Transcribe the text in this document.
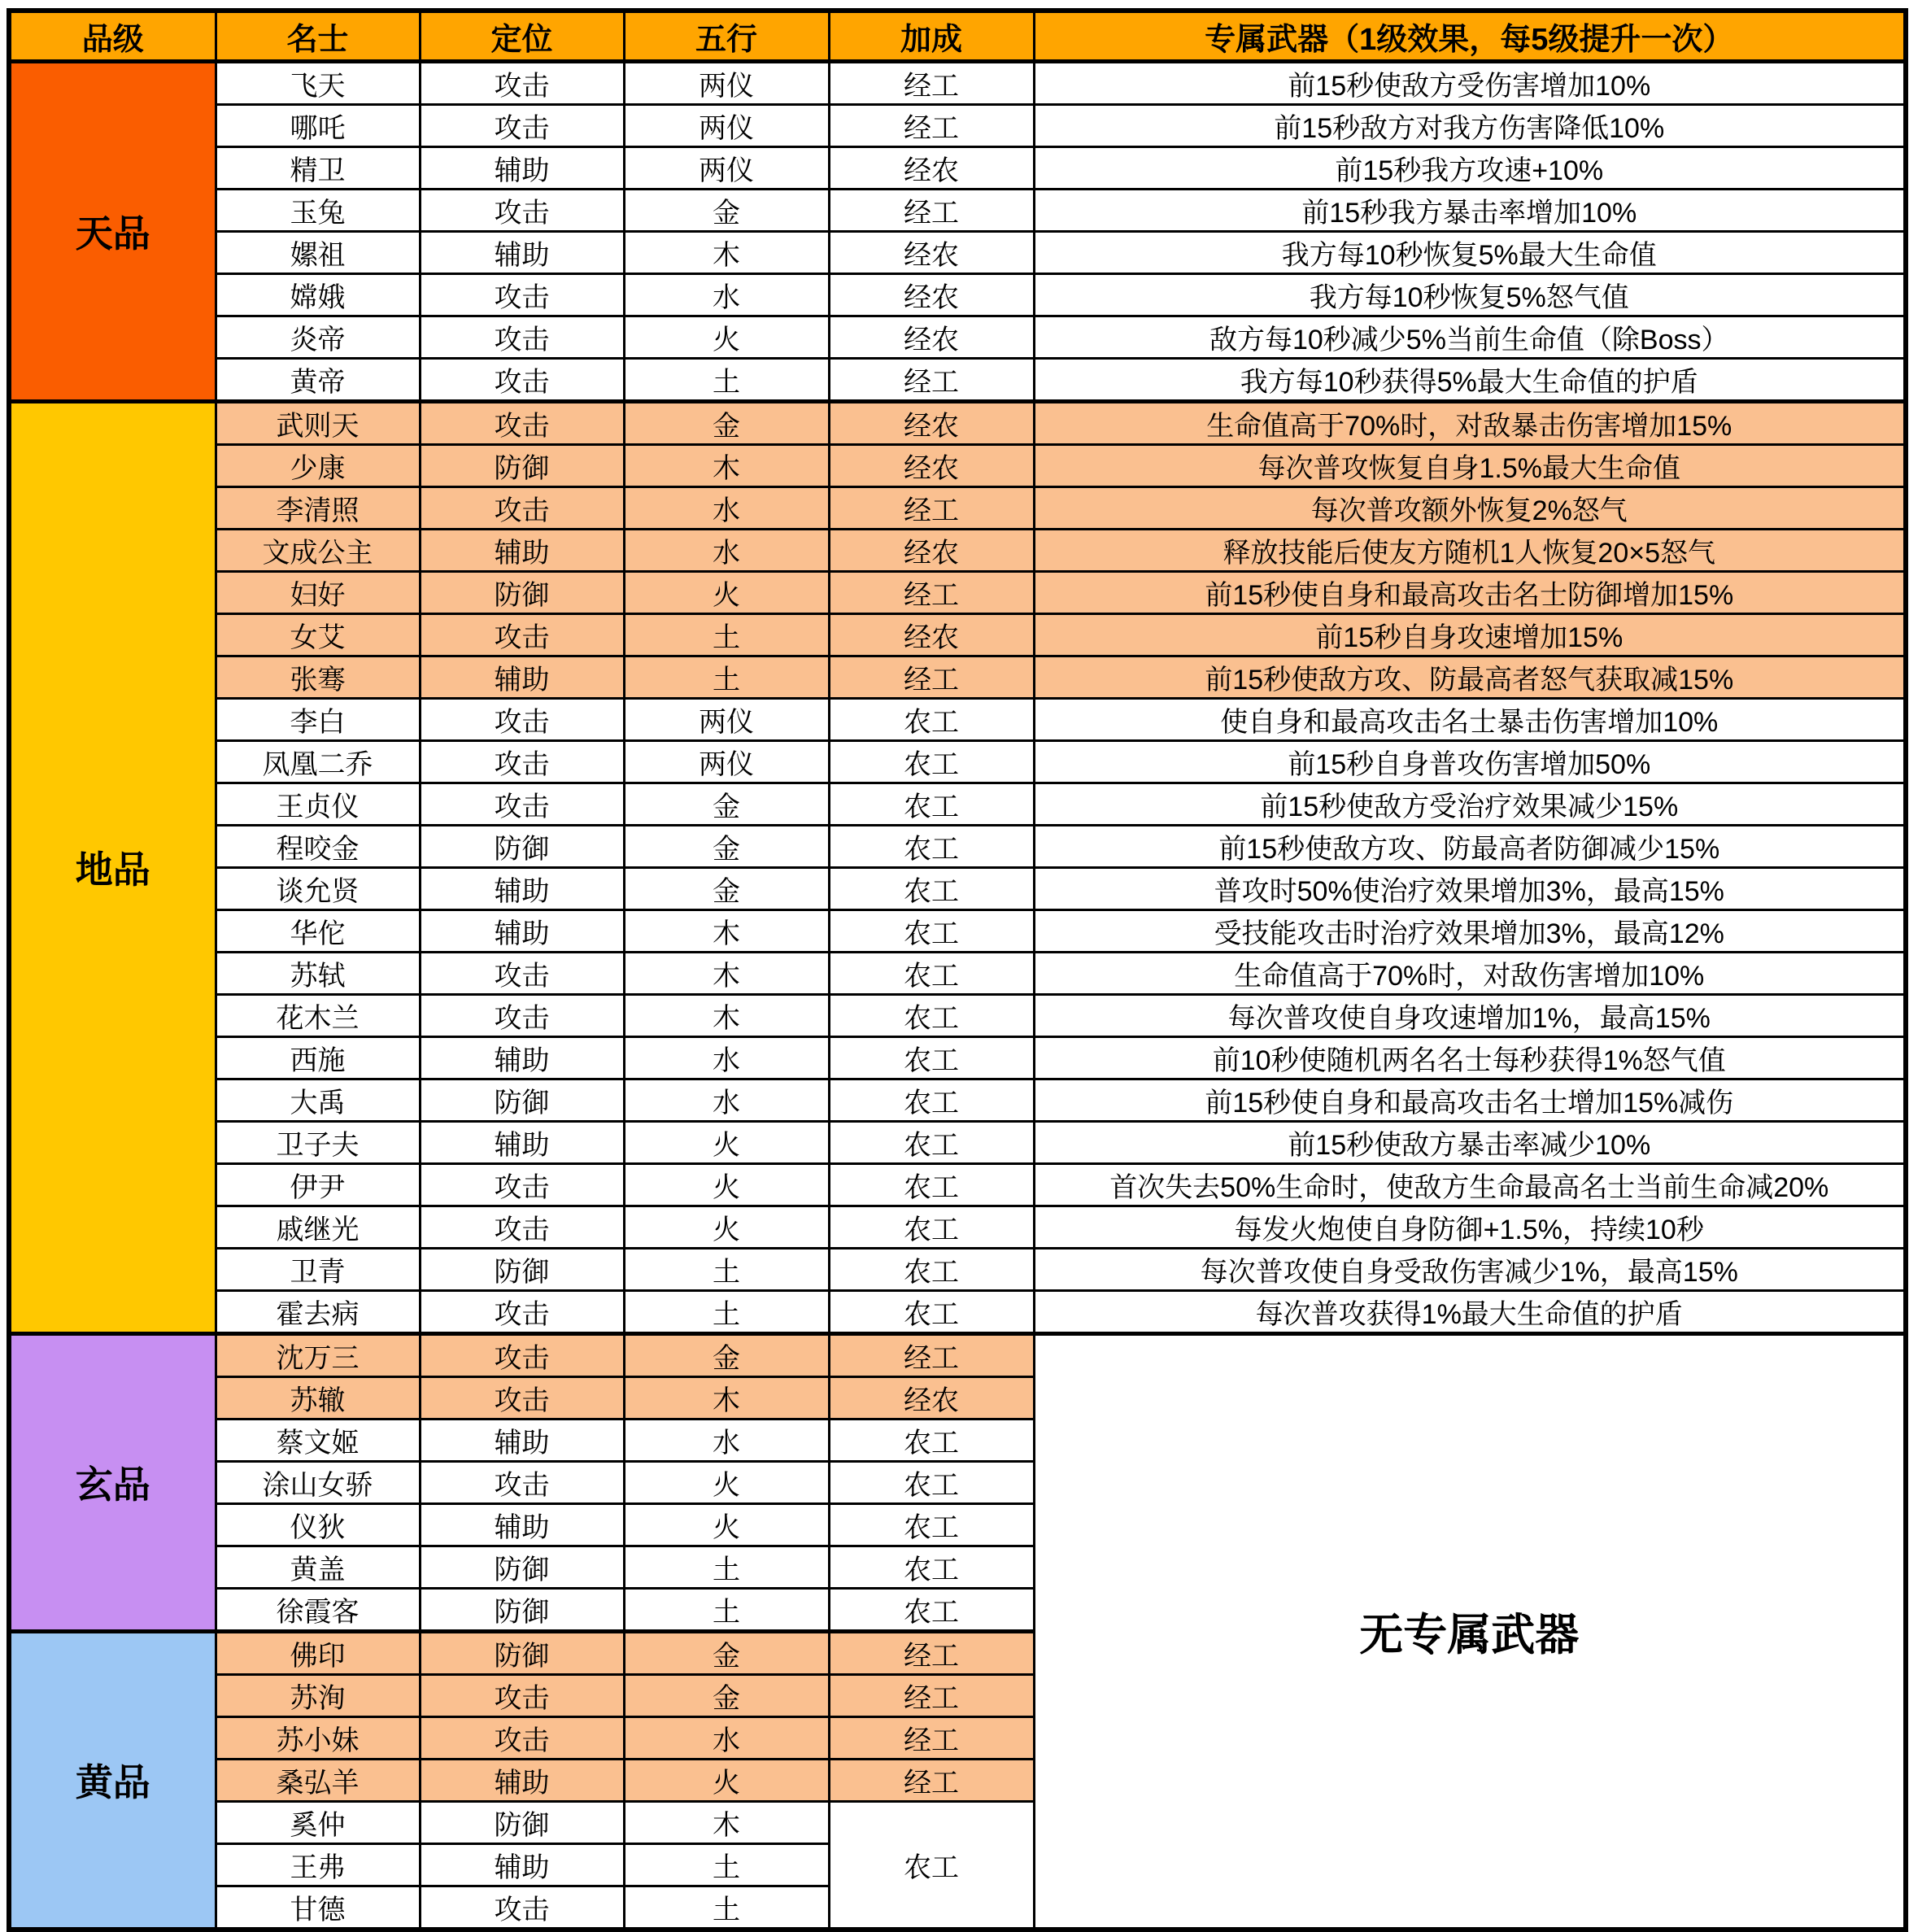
品级	名士	定位	五行	加成	专属武器（1级效果，每5级提升一次）
天品	飞天	攻击	两仪	经工	前15秒使敌方受伤害增加10%
	哪吒	攻击	两仪	经工	前15秒敌方对我方伤害降低10%
	精卫	辅助	两仪	经农	前15秒我方攻速+10%
	玉兔	攻击	金	经工	前15秒我方暴击率增加10%
	嫘祖	辅助	木	经农	我方每10秒恢复5%最大生命值
	嫦娥	攻击	水	经农	我方每10秒恢复5%怒气值
	炎帝	攻击	火	经农	敌方每10秒减少5%当前生命值（除Boss）
	黄帝	攻击	土	经工	我方每10秒获得5%最大生命值的护盾
地品	武则天	攻击	金	经农	生命值高于70%时，对敌暴击伤害增加15%
	少康	防御	木	经农	每次普攻恢复自身1.5%最大生命值
	李清照	攻击	水	经工	每次普攻额外恢复2%怒气
	文成公主	辅助	水	经农	释放技能后使友方随机1人恢复20×5怒气
	妇好	防御	火	经工	前15秒使自身和最高攻击名士防御增加15%
	女艾	攻击	土	经农	前15秒自身攻速增加15%
	张骞	辅助	土	经工	前15秒使敌方攻、防最高者怒气获取减15%
	李白	攻击	两仪	农工	使自身和最高攻击名士暴击伤害增加10%
	凤凰二乔	攻击	两仪	农工	前15秒自身普攻伤害增加50%
	王贞仪	攻击	金	农工	前15秒使敌方受治疗效果减少15%
	程咬金	防御	金	农工	前15秒使敌方攻、防最高者防御减少15%
	谈允贤	辅助	金	农工	普攻时50%使治疗效果增加3%，最高15%
	华佗	辅助	木	农工	受技能攻击时治疗效果增加3%，最高12%
	苏轼	攻击	木	农工	生命值高于70%时，对敌伤害增加10%
	花木兰	攻击	木	农工	每次普攻使自身攻速增加1%，最高15%
	西施	辅助	水	农工	前10秒使随机两名名士每秒获得1%怒气值
	大禹	防御	水	农工	前15秒使自身和最高攻击名士增加15%减伤
	卫子夫	辅助	火	农工	前15秒使敌方暴击率减少10%
	伊尹	攻击	火	农工	首次失去50%生命时，使敌方生命最高名士当前生命减20%
	戚继光	攻击	火	农工	每发火炮使自身防御+1.5%，持续10秒
	卫青	防御	土	农工	每次普攻使自身受敌伤害减少1%，最高15%
	霍去病	攻击	土	农工	每次普攻获得1%最大生命值的护盾
玄品	沈万三	攻击	金	经工	无专属武器
	苏辙	攻击	木	经农	
	蔡文姬	辅助	水	农工	
	涂山女骄	攻击	火	农工	
	仪狄	辅助	火	农工	
	黄盖	防御	土	农工	
	徐霞客	防御	土	农工	
黄品	佛印	防御	金	经工	
	苏洵	攻击	金	经工	
	苏小妹	攻击	水	经工	
	桑弘羊	辅助	火	经工	
	奚仲	防御	木	农工	
	王弗	辅助	土		
	甘德	攻击	土		
